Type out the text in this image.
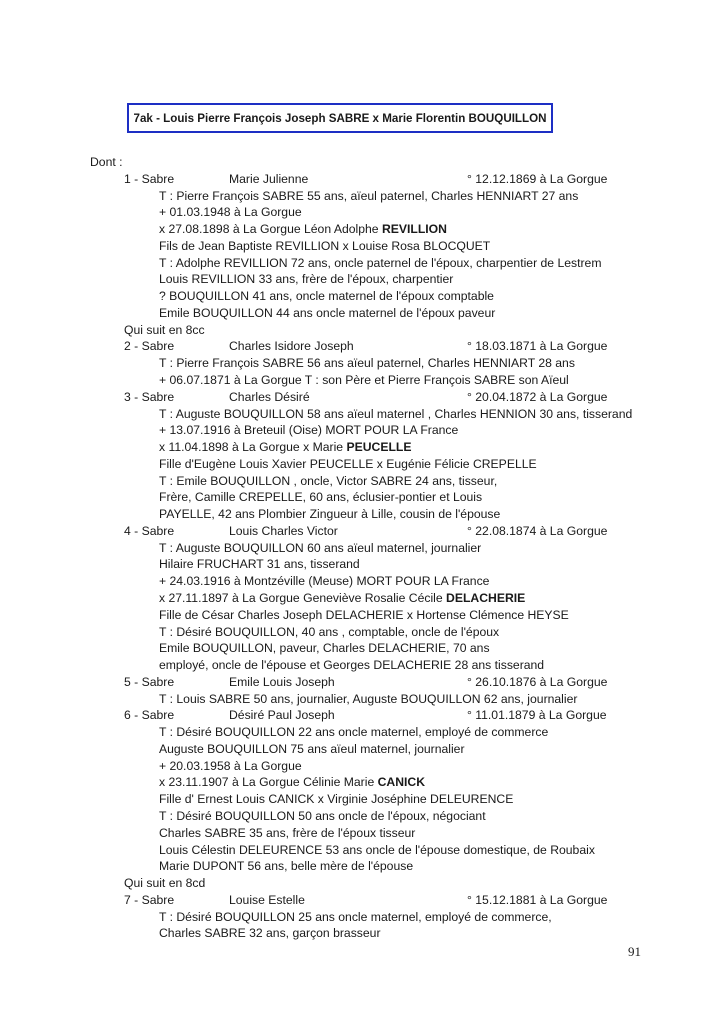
7ak - Louis Pierre François Joseph SABRE x Marie Florentin BOUQUILLON
Dont :
1 - Sabre	Marie Julienne	° 12.12.1869 à La Gorgue
T : Pierre François SABRE 55 ans, aïeul paternel, Charles HENNIART 27 ans
+ 01.03.1948 à La Gorgue
x 27.08.1898 à La Gorgue Léon Adolphe REVILLION
Fils de Jean Baptiste REVILLION x Louise Rosa BLOCQUET
T : Adolphe REVILLION 72 ans, oncle paternel de l'époux, charpentier de Lestrem
Louis REVILLION 33 ans, frère de l'époux, charpentier
? BOUQUILLON 41 ans, oncle maternel de l'époux comptable
Emile BOUQUILLON 44 ans oncle maternel de l'époux paveur
Qui suit en 8cc
2 - Sabre	Charles Isidore Joseph	° 18.03.1871 à La Gorgue
T : Pierre François SABRE 56 ans aïeul paternel, Charles HENNIART 28 ans
+ 06.07.1871 à La Gorgue T : son Père et Pierre François SABRE son Aïeul
3 - Sabre	Charles Désiré	° 20.04.1872 à La Gorgue
T : Auguste BOUQUILLON 58 ans aïeul maternel , Charles HENNION 30 ans, tisserand
+ 13.07.1916 à Breteuil (Oise) MORT POUR LA France
x 11.04.1898 à La Gorgue x Marie PEUCELLE
Fille d'Eugène Louis Xavier PEUCELLE x Eugénie Félicie CREPELLE
T : Emile BOUQUILLON , oncle, Victor SABRE 24 ans, tisseur,
Frère, Camille CREPELLE, 60 ans, éclusier-pontier et Louis
PAYELLE, 42 ans Plombier Zingueur à Lille, cousin de l'épouse
4 - Sabre	Louis Charles Victor	° 22.08.1874 à La Gorgue
T : Auguste BOUQUILLON 60 ans aïeul maternel, journalier
Hilaire FRUCHART 31 ans, tisserand
+ 24.03.1916 à Montzéville (Meuse) MORT POUR LA France
x 27.11.1897 à La Gorgue Geneviève Rosalie Cécile DELACHERIE
Fille de César Charles Joseph DELACHERIE x Hortense Clémence HEYSE
T : Désiré BOUQUILLON, 40 ans , comptable, oncle de l'époux
Emile BOUQUILLON, paveur, Charles DELACHERIE, 70 ans
employé, oncle de l'épouse et Georges DELACHERIE 28 ans tisserand
5 - Sabre	Emile Louis Joseph	° 26.10.1876 à La Gorgue
T : Louis SABRE 50 ans, journalier, Auguste BOUQUILLON 62 ans, journalier
6 - Sabre	Désiré Paul Joseph	° 11.01.1879 à La Gorgue
T : Désiré BOUQUILLON 22 ans oncle maternel, employé de commerce
Auguste BOUQUILLON 75 ans aïeul maternel, journalier
+ 20.03.1958 à La Gorgue
x 23.11.1907 à La Gorgue Célinie Marie CANICK
Fille d' Ernest Louis CANICK x Virginie Joséphine DELEURENCE
T : Désiré BOUQUILLON 50 ans oncle de l'époux, négociant
Charles SABRE 35 ans, frère de l'époux tisseur
Louis Célestin DELEURENCE 53 ans oncle de l'épouse domestique, de Roubaix
Marie DUPONT 56 ans, belle mère de l'épouse
Qui suit en 8cd
7 - Sabre	Louise Estelle	° 15.12.1881 à La Gorgue
T : Désiré BOUQUILLON 25 ans oncle maternel, employé de commerce,
Charles SABRE 32 ans, garçon brasseur
91
